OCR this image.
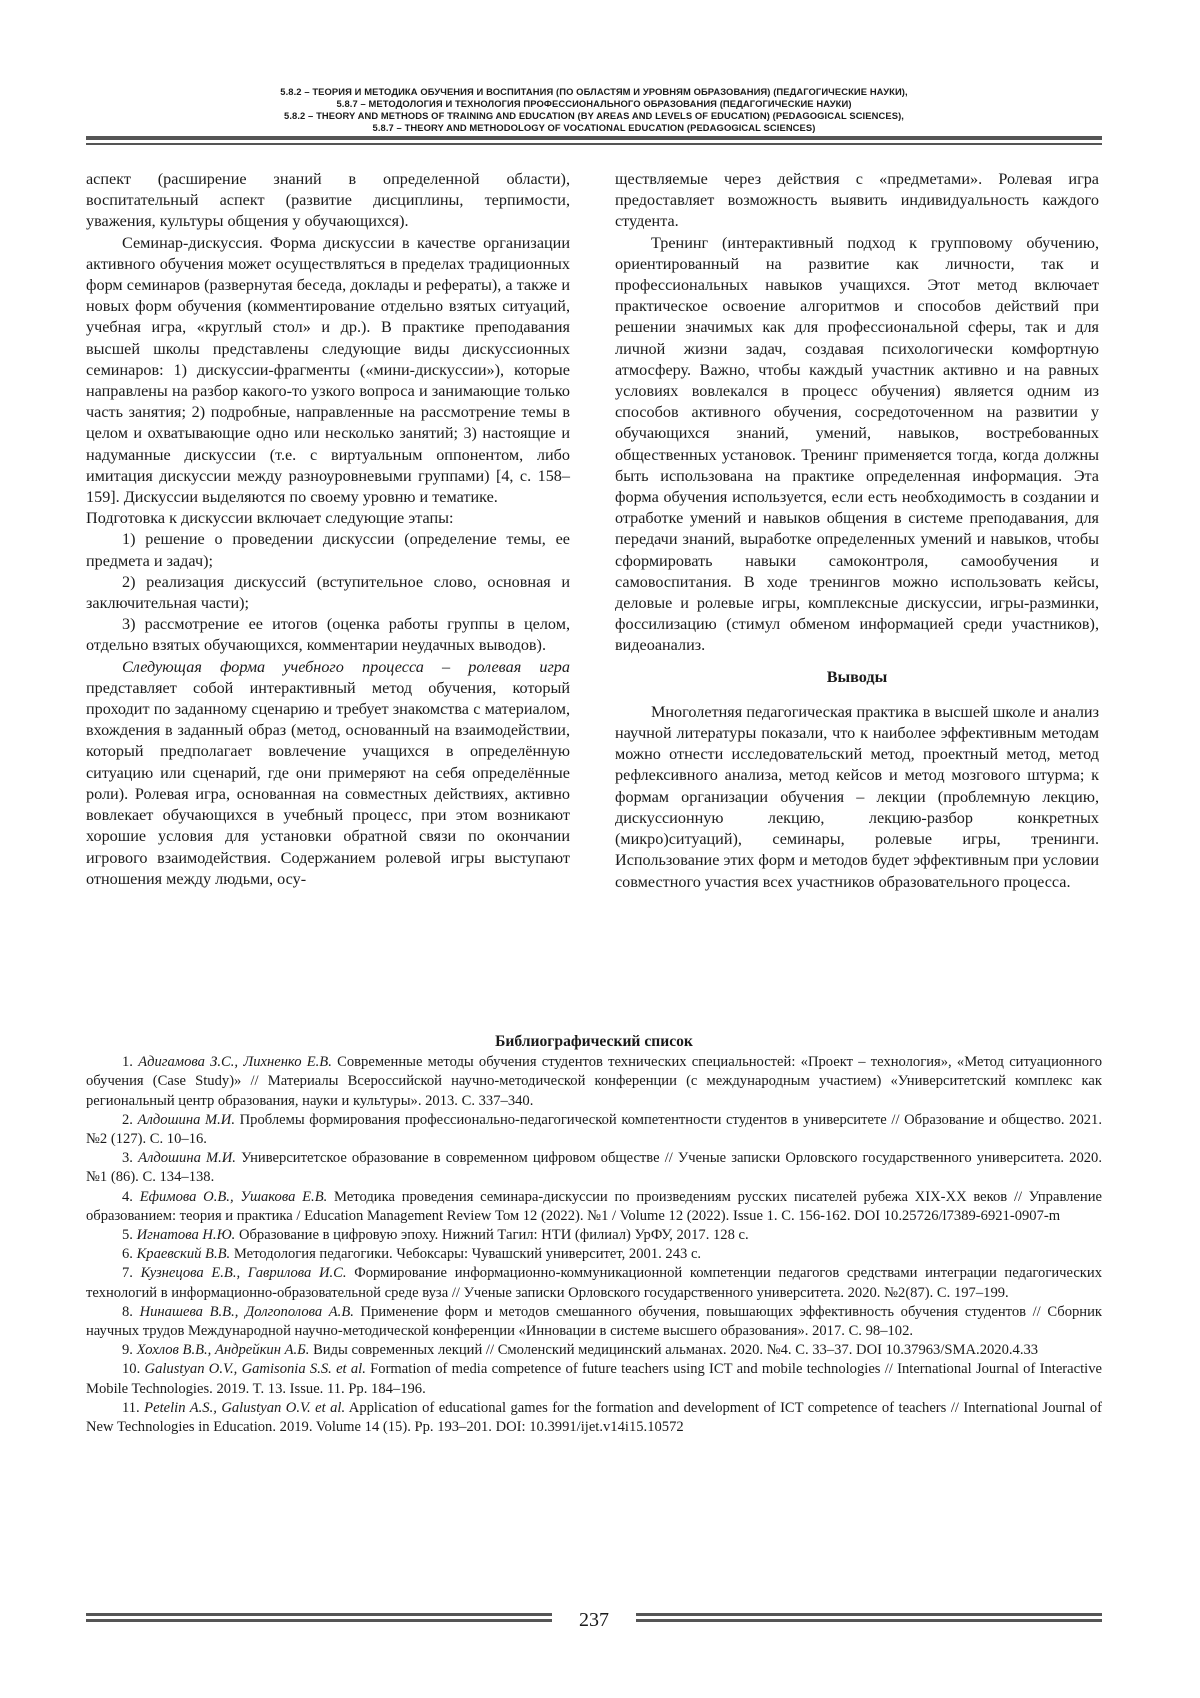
5.8.2 – ТЕОРИЯ И МЕТОДИКА ОБУЧЕНИЯ И ВОСПИТАНИЯ (ПО ОБЛАСТЯМ И УРОВНЯМ ОБРАЗОВАНИЯ) (ПЕДАГОГИЧЕСКИЕ НАУКИ),
5.8.7 – МЕТОДОЛОГИЯ И ТЕХНОЛОГИЯ ПРОФЕССИОНАЛЬНОГО ОБРАЗОВАНИЯ (ПЕДАГОГИЧЕСКИЕ НАУКИ)
5.8.2 – THEORY AND METHODS OF TRAINING AND EDUCATION (BY AREAS AND LEVELS OF EDUCATION) (PEDAGOGICAL SCIENCES),
5.8.7 – THEORY AND METHODOLOGY OF VOCATIONAL EDUCATION (PEDAGOGICAL SCIENCES)

аспект (расширение знаний в определенной области), воспитательный аспект (развитие дисциплины, терпимости, уважения, культуры общения у обучающихся).

Семинар-дискуссия. Форма дискуссии в качестве организации активного обучения может осуществляться в пределах традиционных форм семинаров (развернутая беседа, доклады и рефераты), а также и новых форм обучения (комментирование отдельно взятых ситуаций, учебная игра, «круглый стол» и др.). В практике преподавания высшей школы представлены следующие виды дискуссионных семинаров: 1) дискуссии-фрагменты («мини-дискуссии»), которые направлены на разбор какого-то узкого вопроса и занимающие только часть занятия; 2) подробные, направленные на рассмотрение темы в целом и охватывающие одно или несколько занятий; 3) настоящие и надуманные дискуссии (т.е. с виртуальным оппонентом, либо имитация дискуссии между разноуровневыми группами) [4, с. 158–159]. Дискуссии выделяются по своему уровню и тематике.

Подготовка к дискуссии включает следующие этапы:

1) решение о проведении дискуссии (определение темы, ее предмета и задач);

2) реализация дискуссий (вступительное слово, основная и заключительная части);

3) рассмотрение ее итогов (оценка работы группы в целом, отдельно взятых обучающихся, комментарии неудачных выводов).

Следующая форма учебного процесса – ролевая игра представляет собой интерактивный метод обучения, который проходит по заданному сценарию и требует знакомства с материалом, вхождения в заданный образ (метод, основанный на взаимодействии, который предполагает вовлечение учащихся в определённую ситуацию или сценарий, где они примеряют на себя определённые роли). Ролевая игра, основанная на совместных действиях, активно вовлекает обучающихся в учебный процесс, при этом возникают хорошие условия для установки обратной связи по окончании игрового взаимодействия. Содержанием ролевой игры выступают отношения между людьми, осу-

ществляемые через действия с «предметами». Ролевая игра предоставляет возможность выявить индивидуальность каждого студента.

Тренинг (интерактивный подход к групповому обучению, ориентированный на развитие как личности, так и профессиональных навыков учащихся. Этот метод включает практическое освоение алгоритмов и способов действий при решении значимых как для профессиональной сферы, так и для личной жизни задач, создавая психологически комфортную атмосферу. Важно, чтобы каждый участник активно и на равных условиях вовлекался в процесс обучения) является одним из способов активного обучения, сосредоточенном на развитии у обучающихся знаний, умений, навыков, востребованных общественных установок. Тренинг применяется тогда, когда должны быть использована на практике определенная информация. Эта форма обучения используется, если есть необходимость в создании и отработке умений и навыков общения в системе преподавания, для передачи знаний, выработке определенных умений и навыков, чтобы сформировать навыки самоконтроля, самообучения и самовоспитания. В ходе тренингов можно использовать кейсы, деловые и ролевые игры, комплексные дискуссии, игры-разминки, фоссилизацию (стимул обменом информацией среди участников), видеоанализ.

Выводы

Многолетняя педагогическая практика в высшей школе и анализ научной литературы показали, что к наиболее эффективным методам можно отнести исследовательский метод, проектный метод, метод рефлексивного анализа, метод кейсов и метод мозгового штурма; к формам организации обучения – лекции (проблемную лекцию, дискуссионную лекцию, лекцию-разбор конкретных (микро)ситуаций), семинары, ролевые игры, тренинги. Использование этих форм и методов будет эффективным при условии совместного участия всех участников образовательного процесса.

Библиографический список

1. Адигамова З.С., Лихненко Е.В. Современные методы обучения студентов технических специальностей: «Проект – технология», «Метод ситуационного обучения (Case Study)» // Материалы Всероссийской научно-методической конференции (с международным участием) «Университетский комплекс как региональный центр образования, науки и культуры». 2013. С. 337–340.

2. Алдошина М.И. Проблемы формирования профессионально-педагогической компетентности студентов в университете // Образование и общество. 2021. №2 (127). С. 10–16.

3. Алдошина М.И. Университетское образование в современном цифровом обществе // Ученые записки Орловского государственного университета. 2020. №1 (86). С. 134–138.

4. Ефимова О.В., Ушакова Е.В. Методика проведения семинара-дискуссии по произведениям русских писателей рубежа XIX-XX веков // Управление образованием: теория и практика / Education Management Review Том 12 (2022). №1 / Volume 12 (2022). Issue 1. С. 156-162. DOI 10.25726/l7389-6921-0907-m

5. Игнатова Н.Ю. Образование в цифровую эпоху. Нижний Тагил: НТИ (филиал) УрФУ, 2017. 128 с.

6. Краевский В.В. Методология педагогики. Чебоксары: Чувашский университет, 2001. 243 с.

7. Кузнецова Е.В., Гаврилова И.С. Формирование информационно-коммуникационной компетенции педагогов средствами интеграции педагогических технологий в информационно-образовательной среде вуза // Ученые записки Орловского государственного университета. 2020. №2(87). С. 197–199.

8. Нинашева В.В., Долгополова А.В. Применение форм и методов смешанного обучения, повышающих эффективность обучения студентов // Сборник научных трудов Международной научно-методической конференции «Инновации в системе высшего образования». 2017. С. 98–102.

9. Хохлов В.В., Андрейкин А.Б. Виды современных лекций // Смоленский медицинский альманах. 2020. №4. С. 33–37. DOI 10.37963/SMA.2020.4.33

10. Galustyan O.V., Gamisonia S.S. et al. Formation of media competence of future teachers using ICT and mobile technologies // International Journal of Interactive Mobile Technologies. 2019. T. 13. Issue. 11. Pp. 184–196.

11. Petelin A.S., Galustyan O.V. et al. Application of educational games for the formation and development of ICT competence of teachers // International Journal of New Technologies in Education. 2019. Volume 14 (15). Pp. 193–201. DOI: 10.3991/ijet.v14i15.10572

237
